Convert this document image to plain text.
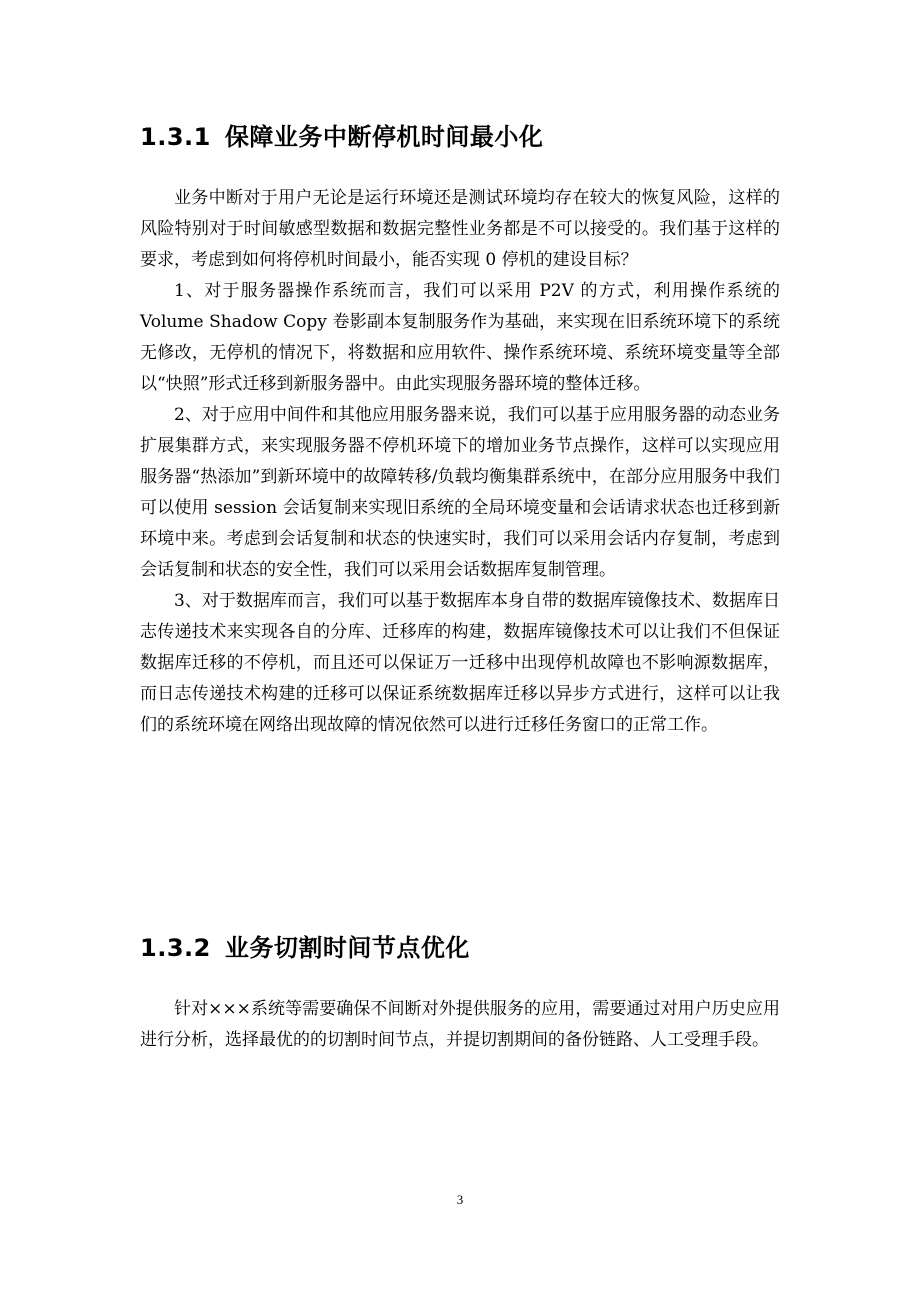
1.3.1 保障业务中断停机时间最小化

业务中断对于用户无论是运行环境还是测试环境均存在较大的恢复风险，这样的风险特别对于时间敏感型数据和数据完整性业务都是不可以接受的。我们基于这样的要求，考虑到如何将停机时间最小，能否实现 0 停机的建设目标？

1、对于服务器操作系统而言，我们可以采用 P2V 的方式，利用操作系统的 Volume Shadow Copy 卷影副本复制服务作为基础，来实现在旧系统环境下的系统无修改，无停机的情况下，将数据和应用软件、操作系统环境、系统环境变量等全部以“快照”形式迁移到新服务器中。由此实现服务器环境的整体迁移。

2、对于应用中间件和其他应用服务器来说，我们可以基于应用服务器的动态业务扩展集群方式，来实现服务器不停机环境下的增加业务节点操作，这样可以实现应用服务器“热添加”到新环境中的故障转移/负载均衡集群系统中，在部分应用服务中我们可以使用 session 会话复制来实现旧系统的全局环境变量和会话请求状态也迁移到新环境中来。考虑到会话复制和状态的快速实时，我们可以采用会话内存复制，考虑到会话复制和状态的安全性，我们可以采用会话数据库复制管理。

3、对于数据库而言，我们可以基于数据库本身自带的数据库镜像技术、数据库日志传递技术来实现各自的分库、迁移库的构建，数据库镜像技术可以让我们不但保证数据库迁移的不停机，而且还可以保证万一迁移中出现停机故障也不影响源数据库，而日志传递技术构建的迁移可以保证系统数据库迁移以异步方式进行，这样可以让我们的系统环境在网络出现故障的情况依然可以进行迁移任务窗口的正常工作。

1.3.2 业务切割时间节点优化

针对×××系统等需要确保不间断对外提供服务的应用，需要通过对用户历史应用进行分析，选择最优的的切割时间节点，并提切割期间的备份链路、人工受理手段。

3
